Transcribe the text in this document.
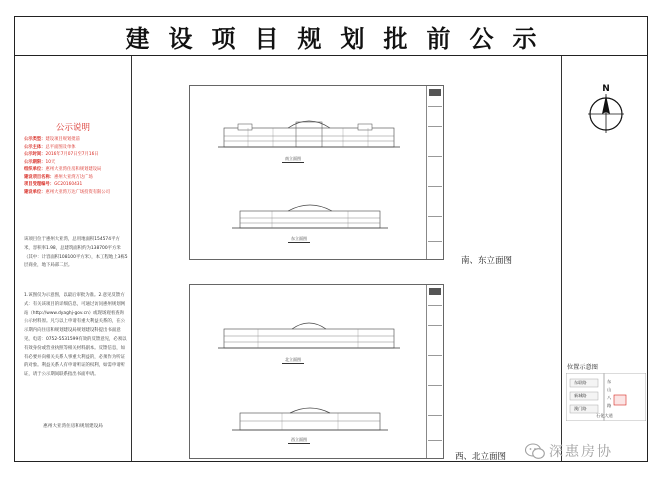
建设项目规划批前公示
公示说明
公示类型：建设项目规划批前
公示主体：总平面图及单体
公示时间：2016年7月07日至7月16日
公示期限：10天
组织单位：惠州大亚湾住房和规划建设局
建设项目名称：惠州大亚湾万达广场
项目受理编号：GC20160431
建设单位：惠州大亚湾万达广场投资有限公司
该项目位于惠州大亚湾，总用地面积154574平方米，容积率1.98，总建筑面积约为138700平方米（其中：计容面积108100平方米），本工程地上3栋5层商业，地下局部二层。
1.该图仅为示意图，以最后审批为准。2.意见反馈方式：有关该项目的详细信息，可通过访问惠州规划网站（http://www.dyaghj-gov.cn）或现场观看查询公示材料原。凡与以上申请有重大利益关系的，在公示期内向住房和规划建设局规划建设科提出书面意见，电话：0752-5531599有效的反馈意见，必须以有效身份或营业执照等相关材料副本。反馈信息，如有必要并向相关关系人事重大利益的，必须作为听证的对象。利益关系人有申请听证的权利，如需申请听证，请于公示期间联系指出书面申请。
惠州大亚湾住房和规划建设局
南立面图
东立面图
北立面图
西立面图
南、东立面图
西、北立面图
N
位置示意图
东联路	东
山
八
路
新城路
澳门路
石化大道
深惠房协
